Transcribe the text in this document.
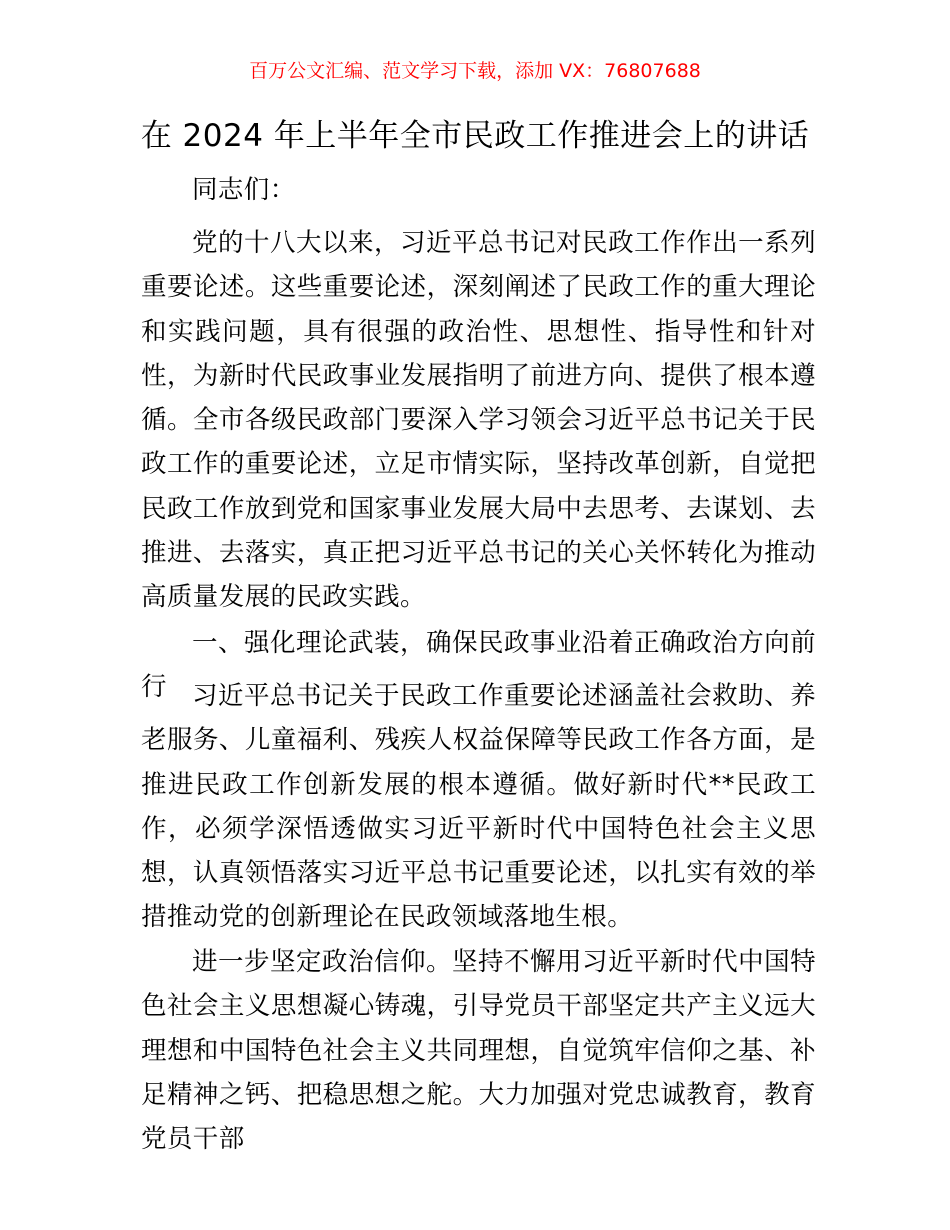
百万公文汇编、范文学习下载，添加 VX：76807688
在 2024 年上半年全市民政工作推进会上的讲话

同志们：

党的十八大以来，习近平总书记对民政工作作出一系列重要论述。这些重要论述，深刻阐述了民政工作的重大理论和实践问题，具有很强的政治性、思想性、指导性和针对性，为新时代民政事业发展指明了前进方向、提供了根本遵循。全市各级民政部门要深入学习领会习近平总书记关于民政工作的重要论述，立足市情实际，坚持改革创新，自觉把民政工作放到党和国家事业发展大局中去思考、去谋划、去推进、去落实，真正把习近平总书记的关心关怀转化为推动高质量发展的民政实践。

一、强化理论武装，确保民政事业沿着正确政治方向前行 习近平总书记关于民政工作重要论述涵盖社会救助、养老服务、儿童福利、残疾人权益保障等民政工作各方面，是推进民政工作创新发展的根本遵循。做好新时代**民政工作，必须学深悟透做实习近平新时代中国特色社会主义思想，认真领悟落实习近平总书记重要论述，以扎实有效的举措推动党的创新理论在民政领域落地生根。

进一步坚定政治信仰。坚持不懈用习近平新时代中国特色社会主义思想凝心铸魂，引导党员干部坚定共产主义远大理想和中国特色社会主义共同理想，自觉筑牢信仰之基、补足精神之钙、把稳思想之舵。大力加强对党忠诚教育，教育党员干部
